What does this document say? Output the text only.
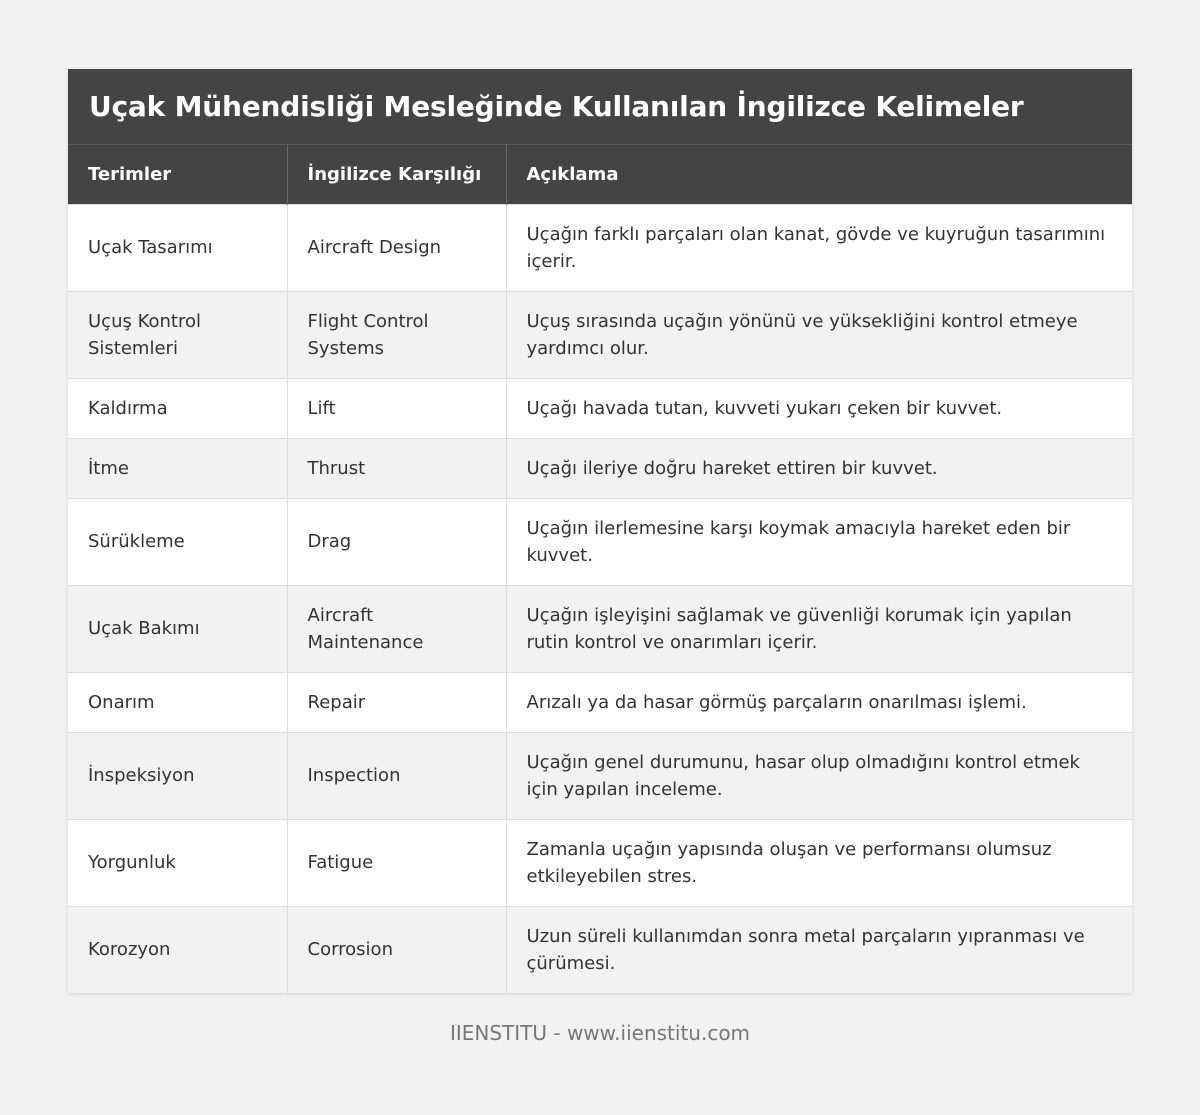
Uçak Mühendisliği Mesleğinde Kullanılan İngilizce Kelimeler
Terimler	İngilizce Karşılığı	Açıklama
Uçak Tasarımı	Aircraft Design	Uçağın farklı parçaları olan kanat, gövde ve kuyruğun tasarımını içerir.
Uçuş Kontrol Sistemleri	Flight Control Systems	Uçuş sırasında uçağın yönünü ve yüksekliğini kontrol etmeye yardımcı olur.
Kaldırma	Lift	Uçağı havada tutan, kuvveti yukarı çeken bir kuvvet.
İtme	Thrust	Uçağı ileriye doğru hareket ettiren bir kuvvet.
Sürükleme	Drag	Uçağın ilerlemesine karşı koymak amacıyla hareket eden bir kuvvet.
Uçak Bakımı	Aircraft Maintenance	Uçağın işleyişini sağlamak ve güvenliği korumak için yapılan rutin kontrol ve onarımları içerir.
Onarım	Repair	Arızalı ya da hasar görmüş parçaların onarılması işlemi.
İnspeksiyon	Inspection	Uçağın genel durumunu, hasar olup olmadığını kontrol etmek için yapılan inceleme.
Yorgunluk	Fatigue	Zamanla uçağın yapısında oluşan ve performansı olumsuz etkileyebilen stres.
Korozyon	Corrosion	Uzun süreli kullanımdan sonra metal parçaların yıpranması ve çürümesi.
IIENSTITU - www.iienstitu.com
